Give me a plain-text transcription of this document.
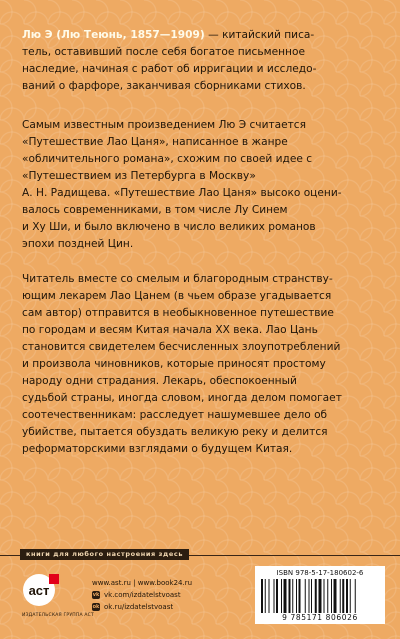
Лю Э (Лю Теюнь, 1857—1909) — китайский писа-
тель, оставивший после себя богатое письменное
наследие, начиная с работ об ирригации и исследо-
ваний о фарфоре, заканчивая сборниками стихов.
Самым известным произведением Лю Э считается
«Путешествие Лао Цаня», написанное в жанре
«обличительного романа», схожим по своей идее с
«Путешествием из Петербурга в Москву»
А. Н. Радищева. «Путешествие Лао Цаня» высоко оцени-
валось современниками, в том числе Лу Синем
и Ху Ши, и было включено в число великих романов
эпохи поздней Цин.
Читатель вместе со смелым и благородным странству-
ющим лекарем Лао Цанем (в чьем образе угадывается
сам автор) отправится в необыкновенное путешествие
по городам и весям Китая начала XX века. Лао Цань
становится свидетелем бесчисленных злоупотреблений
и произвола чиновников, которые приносят простому
народу одни страдания. Лекарь, обеспокоенный
судьбой страны, иногда словом, иногда делом помогает
соотечественникам: расследует нашумевшее дело об
убийстве, пытается обуздать великую реку и делится
реформаторскими взглядами о будущем Китая.
книги для любого настроения здесь
аст
ИЗДАТЕЛЬСКАЯ ГРУППА АСТ
www.ast.ru | www.book24.ru
vk vk.com/izdatelstvoast
ok ok.ru/izdatelstvoast
ISBN 978-5-17-180602-6
9 785171 806026
